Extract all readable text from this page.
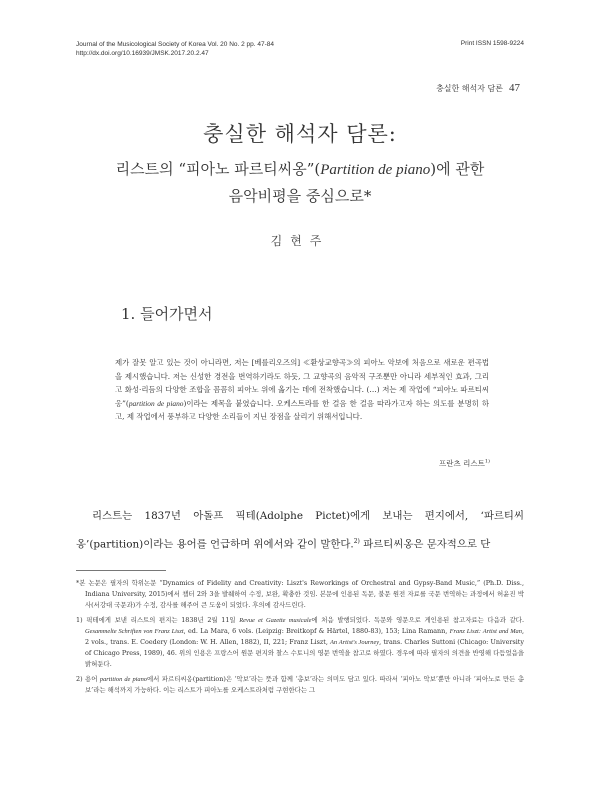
Journal of the Musicological Society of Korea Vol. 20 No. 2 pp. 47-84
http://dx.doi.org/10.16939/JMSK.2017.20.2.47
Print ISSN 1598-9224
충실한 해석자 담론 47
충실한 해석자 담론:
리스트의 “피아노 파르티씨옹”(Partition de piano)에 관한
음악비평을 중심으로*
김현주
1. 들어가면서
제가 잘못 알고 있는 것이 아니라면, 저는 [베를리오즈의] ≪환상교향곡≫의 피아노 악보에 처음으로 새로운 편곡법을 제시했습니다. 저는 신성한 경전을 번역하기라도 하듯, 그 교향곡의 음악적 구조뿐만 아니라 세부적인 효과, 그리고 화성·리듬의 다양한 조합을 꼼꼼히 피아노 위에 옮기는 데에 전착했습니다. (…) 저는 제 작업에 “피아노 파르티씨옹”(partition de piano)이라는 제목을 붙였습니다. 오케스트라를 한 걸음 한 걸음 따라가고자 하는 의도를 분명히 하고, 제 작업에서 풍부하고 다양한 소리들이 지닌 장점을 살리기 위해서입니다.
프란츠 리스트$^{1)}$
리스트는 1837년 아돌프 픽테(Adolphe Pictet)에게 보내는 편지에서, ‘파르티씨옹’(partition)이라는 용어를 언급하며 위에서와 같이 말한다.$^{2)}$ 파르티씨옹은 문자적으로 단

*본 논문은 필자의 학위논문 “Dynamics of Fidelity and Creativity: Liszt's Reworkings of Orchestral and Gypsy-Band Music,” (Ph.D. Diss., Indiana University, 2015)에서 챕터 2와 3을 발췌하여 수정, 보완, 확충한 것임. 본문에 인용된 독문, 불문 원전 자료를 국문 번역하는 과정에서 허윤진 박사(서강대 국문과)가 수정, 감사를 해주어 큰 도움이 되었다. 후의에 감사드린다.

1) 픽테에게 보낸 리스트의 편지는 1838년 2월 11일 Revue et Gazette musicale에 처음 발행되었다. 독문와 영문으로 게인용된 참고자료는 다음과 같다. Gesammelte Schriften von Franz Liszt, ed. La Mara, 6 vols. (Leipzig: Breitkopf & Härtel, 1880-83), 153; Lina Ramann, Franz Liszt: Artist and Man, 2 vols., trans. E. Coedery (London: W. H. Allen, 1882), II, 221; Franz Liszt, An Artist's Journey, trans. Charles Suttoni (Chicago: University of Chicago Press, 1989), 46. 위의 인용은 프랑스어 원문 편지와 찰스 수토니의 영문 번역을 참고로 하였다. 경우에 따라 필자의 의견을 반영해 다듬었음을 밝혀둔다.

2) 용어 partition de piano에서 파르티씨옹(partition)은 ‘악보’라는 뜻과 함께 ‘총보’라는 의미도 담고 있다. 따라서 ‘피아노 악보’뿐만 아니라 ‘피아노로 만든 총보’라는 해석까지 가능하다. 이는 리스트가 피아노를 오케스트라처럼 구현한다는 그
